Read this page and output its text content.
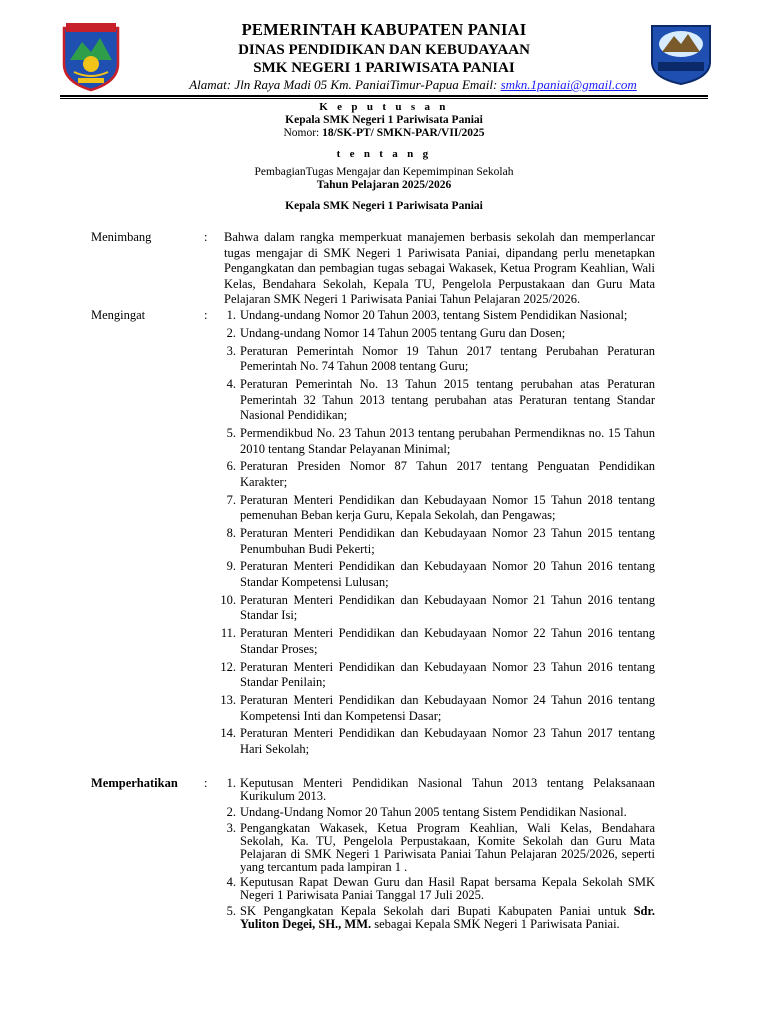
PEMERINTAH KABUPATEN PANIAI
DINAS PENDIDIKAN DAN KEBUDAYAAN
SMK NEGERI 1 PARIWISATA PANIAI
Alamat: Jln Raya Madi 05 Km. PaniaiTimur-Papua Email: smkn.1paniai@gmail.com
K e p u t u s a n
Kepala SMK Negeri 1 Pariwisata Paniai
Nomor: 18/SK-PT/ SMKN-PAR/VII/2025
t e n t a n g
PembagianTugas Mengajar dan Kepemimpinan Sekolah
Tahun Pelajaran 2025/2026
Kepala SMK Negeri 1 Pariwisata Paniai
Menimbang	: Bahwa dalam rangka memperkuat manajemen berbasis sekolah dan memperlancar tugas mengajar di SMK Negeri 1 Pariwisata Paniai, dipandang perlu menetapkan Pengangkatan dan pembagian tugas sebagai Wakasek, Ketua Program Keahlian, Wali Kelas, Bendahara Sekolah, Kepala TU, Pengelola Perpustakaan dan Guru Mata Pelajaran SMK Negeri 1 Pariwisata Paniai Tahun Pelajaran 2025/2026.
Mengingat	:	1. Undang-undang Nomor 20 Tahun 2003, tentang Sistem Pendidikan Nasional;
2. Undang-undang Nomor 14 Tahun 2005 tentang Guru dan Dosen;
3. Peraturan Pemerintah Nomor 19 Tahun 2017 tentang Perubahan Peraturan Pemerintah No. 74 Tahun 2008 tentang Guru;
4. Peraturan Pemerintah No. 13 Tahun 2015 tentang perubahan atas Peraturan Pemerintah 32 Tahun 2013 tentang perubahan atas Peraturan tentang Standar Nasional Pendidikan;
5. Permendikbud No. 23 Tahun 2013 tentang perubahan Permendiknas no. 15 Tahun 2010 tentang Standar Pelayanan Minimal;
6. Peraturan Presiden Nomor 87 Tahun 2017 tentang Penguatan Pendidikan Karakter;
7. Peraturan Menteri Pendidikan dan Kebudayaan Nomor 15 Tahun 2018 tentang pemenuhan Beban kerja Guru, Kepala Sekolah, dan Pengawas;
8. Peraturan Menteri Pendidikan dan Kebudayaan Nomor 23 Tahun 2015 tentang Penumbuhan Budi Pekerti;
9. Peraturan Menteri Pendidikan dan Kebudayaan Nomor 20 Tahun 2016 tentang Standar Kompetensi Lulusan;
10. Peraturan Menteri Pendidikan dan Kebudayaan Nomor 21 Tahun 2016 tentang Standar Isi;
11. Peraturan Menteri Pendidikan dan Kebudayaan Nomor 22 Tahun 2016 tentang Standar Proses;
12. Peraturan Menteri Pendidikan dan Kebudayaan Nomor 23 Tahun 2016 tentang Standar Penilain;
13. Peraturan Menteri Pendidikan dan Kebudayaan Nomor 24 Tahun 2016 tentang Kompetensi Inti dan Kompetensi Dasar;
14. Peraturan Menteri Pendidikan dan Kebudayaan Nomor 23 Tahun 2017 tentang Hari Sekolah;
Memperhatikan :	1. Keputusan Menteri Pendidikan Nasional Tahun 2013 tentang Pelaksanaan Kurikulum 2013.
2. Undang-Undang Nomor 20 Tahun 2005 tentang Sistem Pendidikan Nasional.
3. Pengangkatan Wakasek, Ketua Program Keahlian, Wali Kelas, Bendahara Sekolah, Ka. TU, Pengelola Perpustakaan, Komite Sekolah dan Guru Mata Pelajaran di SMK Negeri 1 Pariwisata Paniai Tahun Pelajaran 2025/2026, seperti yang tercantum pada lampiran 1 .
4. Keputusan Rapat Dewan Guru dan Hasil Rapat bersama Kepala Sekolah SMK Negeri 1 Pariwisata Paniai Tanggal 17 Juli 2025.
5. SK Pengangkatan Kepala Sekolah dari Bupati Kabupaten Paniai untuk Sdr. Yuliton Degei, SH., MM. sebagai Kepala SMK Negeri 1 Pariwisata Paniai.
